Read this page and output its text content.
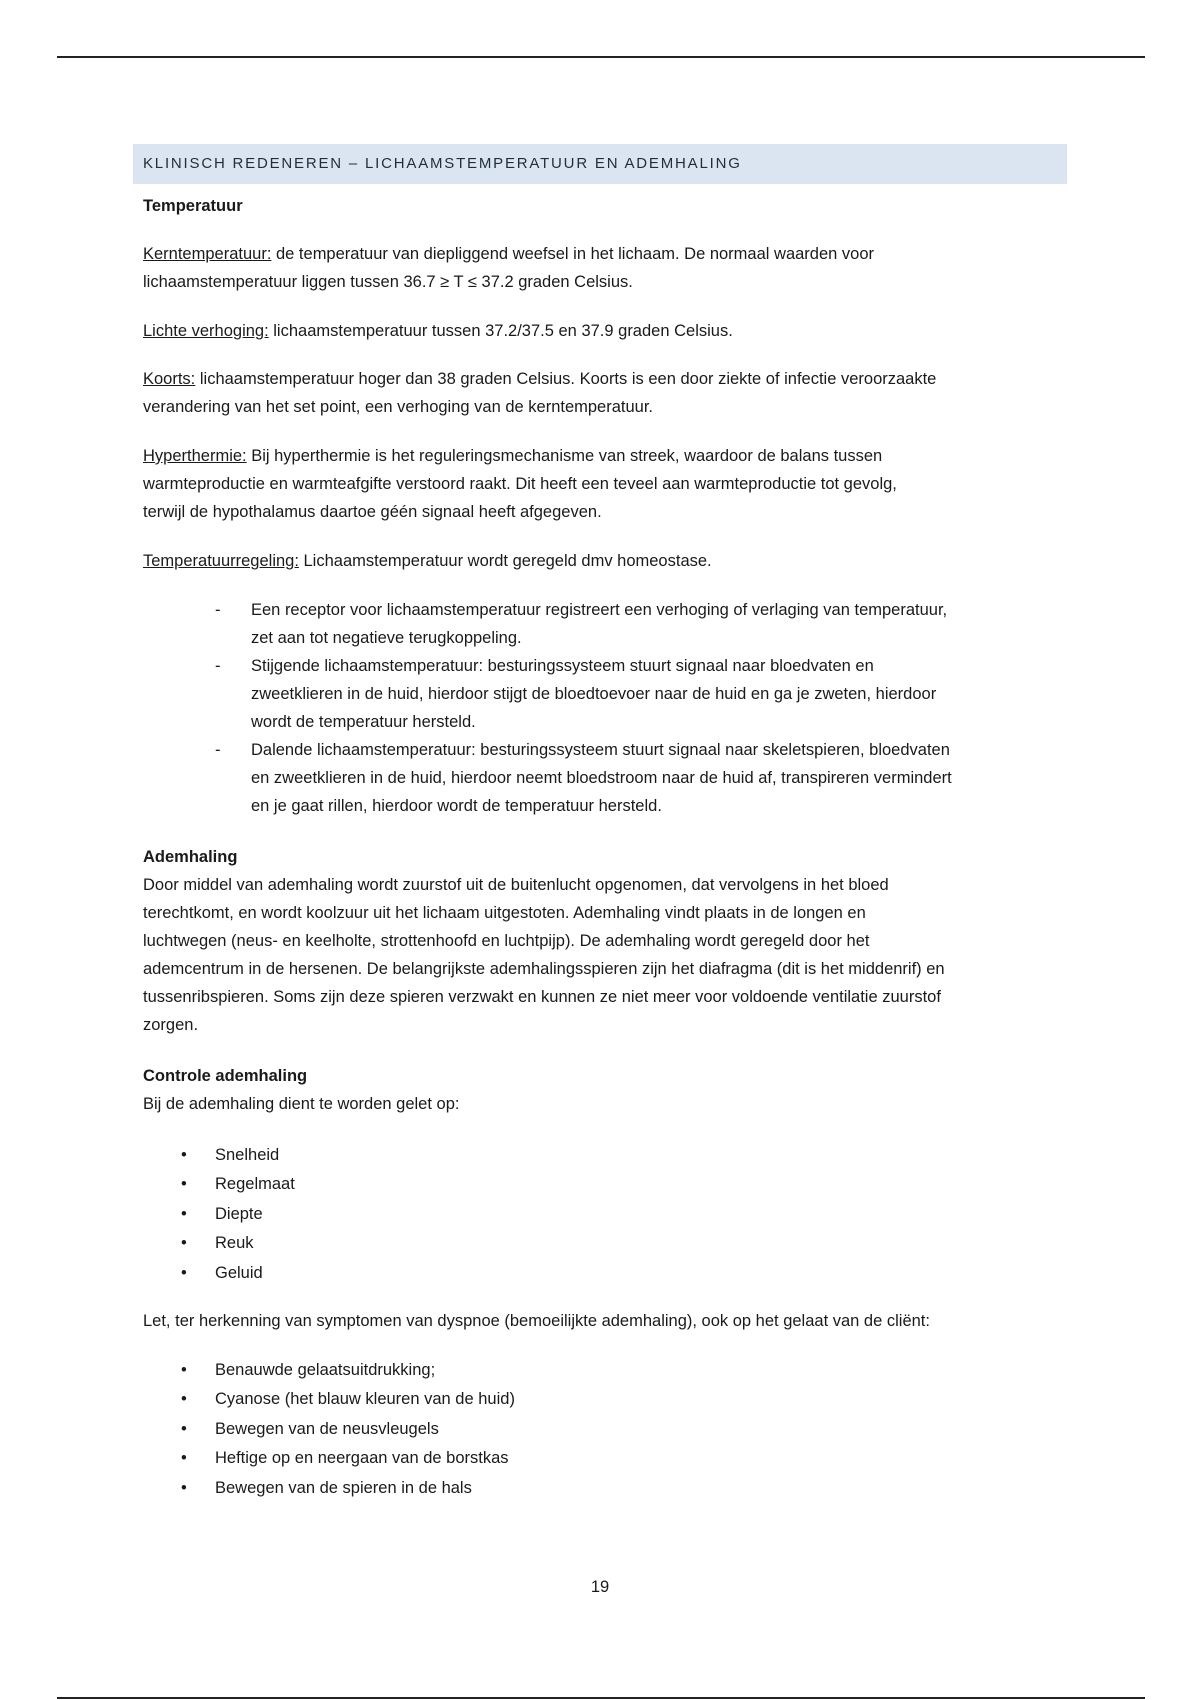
KLINISCH REDENEREN – LICHAAMSTEMPERATUUR EN ADEMHALING
Temperatuur
Kerntemperatuur: de temperatuur van diepliggend weefsel in het lichaam. De normaal waarden voor
lichaamstemperatuur liggen tussen 36.7 ≥ T ≤ 37.2 graden Celsius.
Lichte verhoging: lichaamstemperatuur tussen 37.2/37.5 en 37.9 graden Celsius.
Koorts: lichaamstemperatuur hoger dan 38 graden Celsius. Koorts is een door ziekte of infectie veroorzaakte
verandering van het set point, een verhoging van de kerntemperatuur.
Hyperthermie: Bij hyperthermie is het reguleringsmechanisme van streek, waardoor de balans tussen
warmteproductie en warmteafgifte verstoord raakt. Dit heeft een teveel aan warmteproductie tot gevolg,
terwijl de hypothalamus daartoe géén signaal heeft afgegeven.
Temperatuurregeling: Lichaamstemperatuur wordt geregeld dmv homeostase.
- Een receptor voor lichaamstemperatuur registreert een verhoging of verlaging van temperatuur,
zet aan tot negatieve terugkoppeling.
- Stijgende lichaamstemperatuur: besturingssysteem stuurt signaal naar bloedvaten en
zweetklieren in de huid, hierdoor stijgt de bloedtoevoer naar de huid en ga je zweten, hierdoor
wordt de temperatuur hersteld.
- Dalende lichaamstemperatuur: besturingssysteem stuurt signaal naar skeletspieren, bloedvaten
en zweetklieren in de huid, hierdoor neemt bloedstroom naar de huid af, transpireren vermindert
en je gaat rillen, hierdoor wordt de temperatuur hersteld.
Ademhaling
Door middel van ademhaling wordt zuurstof uit de buitenlucht opgenomen, dat vervolgens in het bloed
terechtkomt, en wordt koolzuur uit het lichaam uitgestoten. Ademhaling vindt plaats in de longen en
luchtwegen (neus- en keelholte, strottenhoofd en luchtpijp). De ademhaling wordt geregeld door het
ademcentrum in de hersenen. De belangrijkste ademhalingsspieren zijn het diafragma (dit is het middenrif) en
tussenribspieren. Soms zijn deze spieren verzwakt en kunnen ze niet meer voor voldoende ventilatie zuurstof
zorgen.
Controle ademhaling
Bij de ademhaling dient te worden gelet op:
• Snelheid
• Regelmaat
• Diepte
• Reuk
• Geluid
Let, ter herkenning van symptomen van dyspnoe (bemoeilijkte ademhaling), ook op het gelaat van de cliënt:
• Benauwde gelaatsuitdrukking;
• Cyanose (het blauw kleuren van de huid)
• Bewegen van de neusvleugels
• Heftige op en neergaan van de borstkas
• Bewegen van de spieren in de hals
19
